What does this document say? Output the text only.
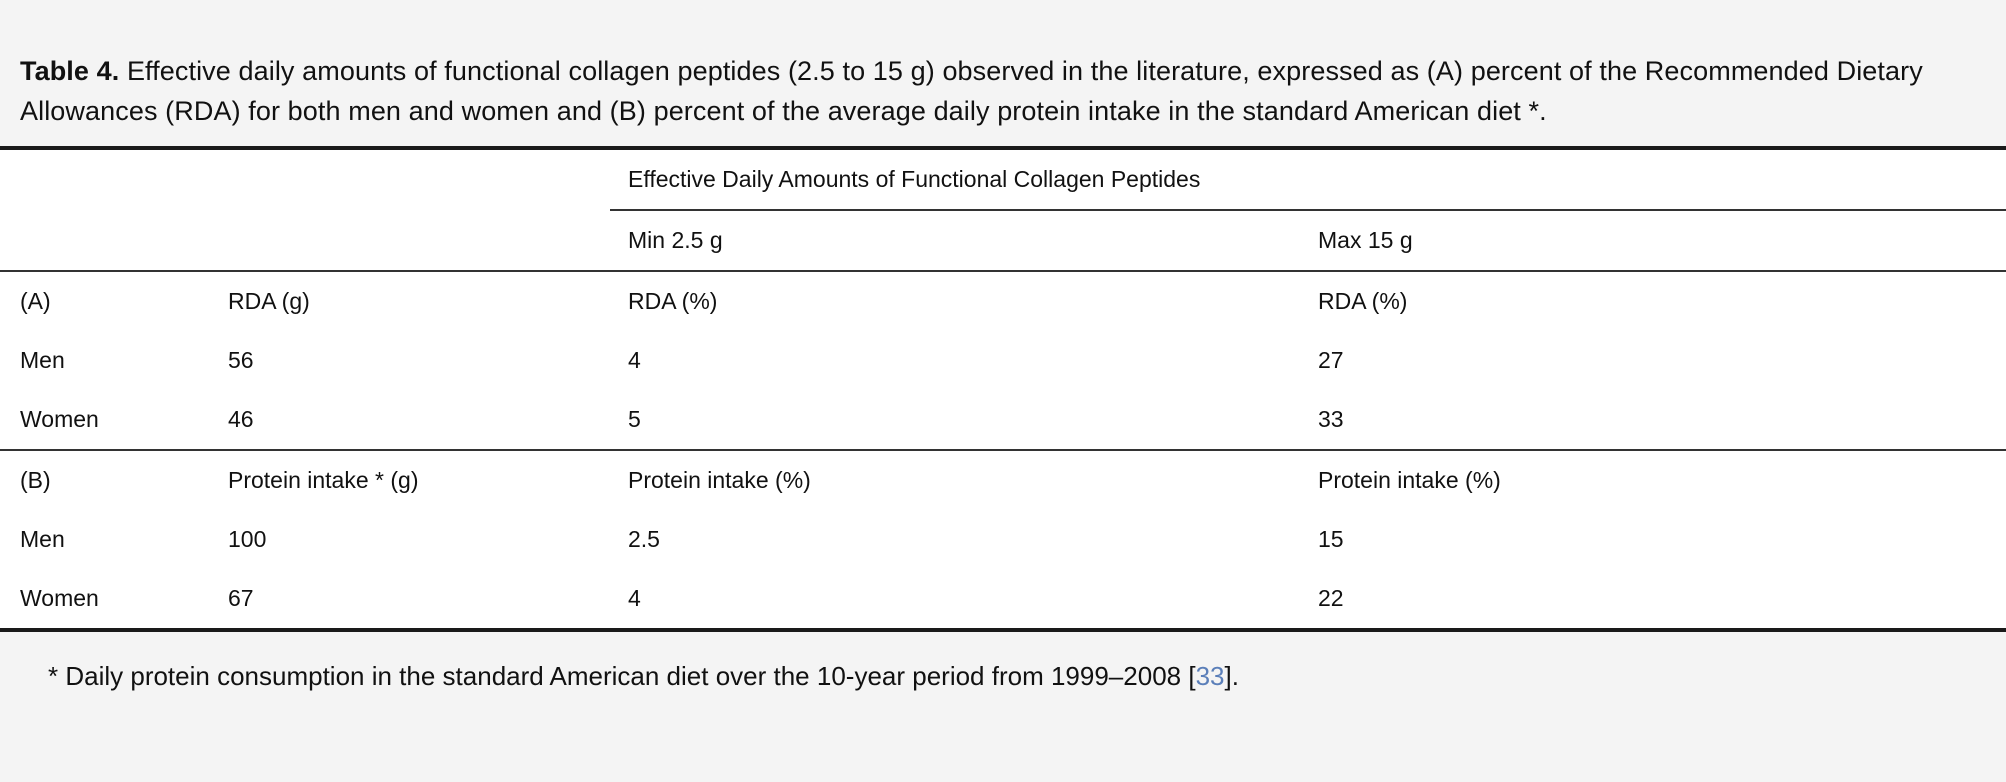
Table 4. Effective daily amounts of functional collagen peptides (2.5 to 15 g) observed in the literature, expressed as (A) percent of the Recommended Dietary Allowances (RDA) for both men and women and (B) percent of the average daily protein intake in the standard American diet *.
		Effective Daily Amounts of Functional Collagen Peptides	
		Min 2.5 g	Max 15 g
(A)	RDA (g)	RDA (%)	RDA (%)
Men	56	4	27
Women	46	5	33
(B)	Protein intake * (g)	Protein intake (%)	Protein intake (%)
Men	100	2.5	15
Women	67	4	22
* Daily protein consumption in the standard American diet over the 10-year period from 1999–2008 [33].
